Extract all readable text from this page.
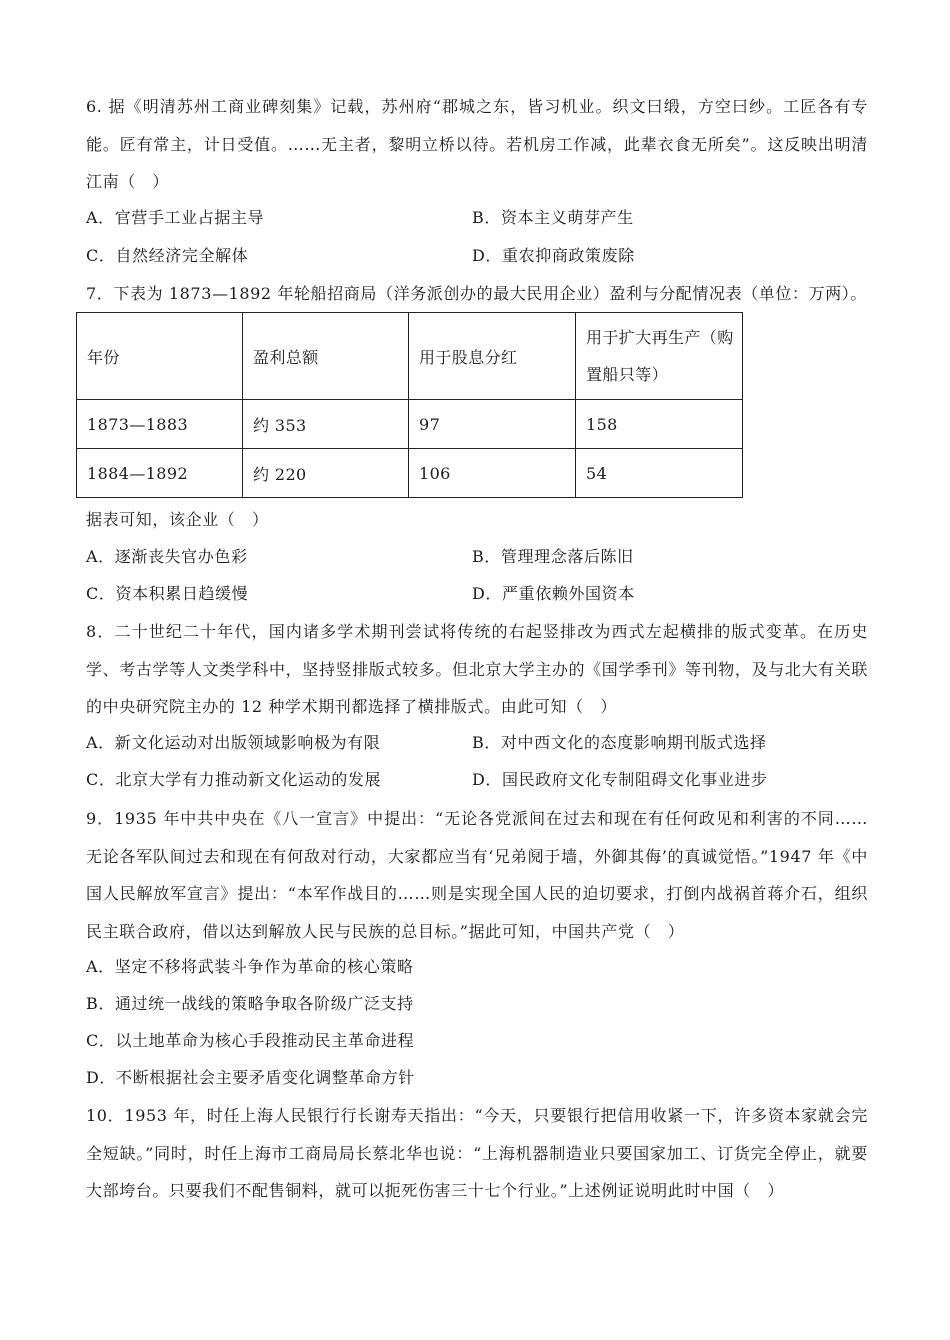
6. 据《明清苏州工商业碑刻集》记载，苏州府“郡城之东，皆习机业。织文曰缎，方空曰纱。工匠各有专能。匠有常主，计日受值。……无主者，黎明立桥以待。若机房工作减，此辈衣食无所矣”。这反映出明清江南（　）
A．官营手工业占据主导	B．资本主义萌芽产生
C．自然经济完全解体	D．重农抑商政策废除
7．下表为 1873—1892 年轮船招商局（洋务派创办的最大民用企业）盈利与分配情况表（单位：万两）。
年份	盈利总额	用于股息分红	用于扩大再生产（购置船只等）

1873—1883	约 353	97	158
1884—1892	约 220	106	54
据表可知，该企业（　）
A．逐渐丧失官办色彩	B．管理理念落后陈旧
C．资本积累日趋缓慢	D．严重依赖外国资本
8．二十世纪二十年代，国内诸多学术期刊尝试将传统的右起竖排改为西式左起横排的版式变革。在历史学、考古学等人文类学科中，坚持竖排版式较多。但北京大学主办的《国学季刊》等刊物，及与北大有关联的中央研究院主办的 12 种学术期刊都选择了横排版式。由此可知（　）
A．新文化运动对出版领域影响极为有限	B．对中西文化的态度影响期刊版式选择
C．北京大学有力推动新文化运动的发展	D．国民政府文化专制阻碍文化事业进步
9．1935 年中共中央在《八一宣言》中提出：“无论各党派间在过去和现在有任何政见和利害的不同……无论各军队间过去和现在有何敌对行动，大家都应当有‘兄弟阋于墙，外御其侮’的真诚觉悟。”1947 年《中国人民解放军宣言》提出：“本军作战目的……则是实现全国人民的迫切要求，打倒内战祸首蒋介石，组织民主联合政府，借以达到解放人民与民族的总目标。”据此可知，中国共产党（　）
A．坚定不移将武装斗争作为革命的核心策略
B．通过统一战线的策略争取各阶级广泛支持
C．以土地革命为核心手段推动民主革命进程
D．不断根据社会主要矛盾变化调整革命方针
10．1953 年，时任上海人民银行行长谢寿天指出：“今天，只要银行把信用收紧一下，许多资本家就会完全短缺。”同时，时任上海市工商局局长蔡北华也说：“上海机器制造业只要国家加工、订货完全停止，就要大部垮台。只要我们不配售铜料，就可以扼死伤害三十七个行业。”上述例证说明此时中国（　）
